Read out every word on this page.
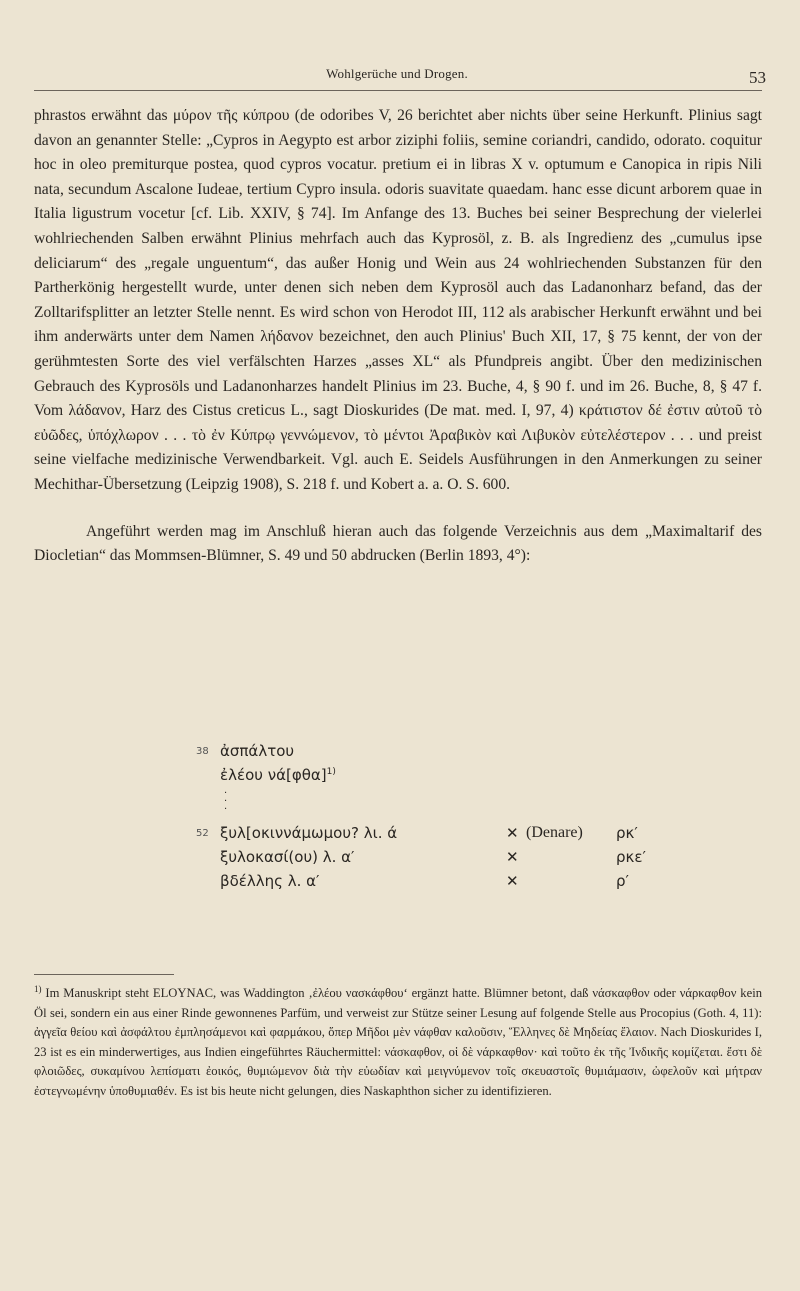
Wohlgerüche und Drogen.	53

phrastos erwähnt das μύρον τῆς κύπρου (de odoribes V, 26 berichtet aber nichts über seine Herkunft. Plinius sagt davon an genannter Stelle: „Cypros in Aegypto est arbor ziziphi foliis, semine coriandri, candido, odorato. coquitur hoc in oleo premiturque postea, quod cypros vocatur. pretium ei in libras X v. optumum e Canopica in ripis Nili nata, secundum Ascalone Iudeae, tertium Cypro insula. odoris suavitate quaedam. hanc esse dicunt arborem quae in Italia ligustrum vocetur [cf. Lib. XXIV, § 74]. Im Anfange des 13. Buches bei seiner Besprechung der vielerlei wohlriechenden Salben erwähnt Plinius mehrfach auch das Kyprosöl, z. B. als Ingredienz des „cumulus ipse deliciarum“ des „regale unguentum“, das außer Honig und Wein aus 24 wohlriechenden Substanzen für den Partherkönig hergestellt wurde, unter denen sich neben dem Kyprosöl auch das Ladanonharz befand, das der Zolltarifsplitter an letzter Stelle nennt. Es wird schon von Herodot III, 112 als arabischer Herkunft erwähnt und bei ihm anderwärts unter dem Namen λήδανον bezeichnet, den auch Plinius' Buch XII, 17, § 75 kennt, der von der gerühmtesten Sorte des viel verfälschten Harzes „asses XL“ als Pfundpreis angibt. Über den medizinischen Gebrauch des Kyprosöls und Ladanonharzes handelt Plinius im 23. Buche, 4, § 90 f. und im 26. Buche, 8, § 47 f. Vom λάδανον, Harz des Cistus creticus L., sagt Dioskurides (De mat. med. I, 97, 4) κράτιστον δέ ἐστιν αὐτοῦ τὸ εὐῶδες, ὑπόχλωρον . . . τὸ ἐν Κύπρῳ γεννώμενον, τὸ μέντοι Ἀραβικὸν καὶ Λιβυκὸν εὐτελέστερον . . . und preist seine vielfache medizinische Verwendbarkeit. Vgl. auch E. Seidels Ausführungen in den Anmerkungen zu seiner Mechithar-Übersetzung (Leipzig 1908), S. 218 f. und Kobert a. a. O. S. 600.

Angeführt werden mag im Anschluß hieran auch das folgende Verzeichnis aus dem „Maximaltarif des Diocletian“ das Mommsen-Blümner, S. 49 und 50 abdrucken (Berlin 1893, 4°):

38 ἀσπάλτου
ἐλέου $\nu ά[\varphi\theta\alpha]^{1)}$
·
·
·
52 ξυλ[οκιννάμωμου? λι. ά	✕ (Denare) ρκ′
ξυλοκασί(ου) λ. α′	✕	ρκε′
βδέλλης λ. α′	✕	ρ′
$^{1)}$ Im Manuskript steht ELOYNAC, was Waddington ‚ἐλέου νασκάφθου‘ ergänzt hatte. Blümner betont, daß νάσκαφθον oder νάρκαφθον kein Öl sei, sondern ein aus einer Rinde gewonnenes Parfüm, und verweist zur Stütze seiner Lesung auf folgende Stelle aus Procopius (Goth. 4, 11): ἀγγεῖα θείου καὶ ἀσφάλτου ἐμπλησάμενοι καὶ φαρμάκου, ὅπερ Μῆδοι μὲν νάφθαν καλοῦσιν, Ἕλληνες δὲ Μηδείας ἔλαιον. Nach Dioskurides I, 23 ist es ein minderwertiges, aus Indien eingeführtes Räuchermittel: νάσκαφθον, οἱ δὲ νάρκαφθον· καὶ τοῦτο ἐκ τῆς Ἰνδικῆς κομίζεται. ἔστι δὲ φλοιῶδες, συκαμίνου λεπίσματι ἐοικός, θυμιώμενον διὰ τὴν εὐωδίαν καὶ μειγνύμενον τοῖς σκευαστοῖς θυμιάμασιν, ὠφελοῦν καὶ μήτραν ἐστεγνωμένην ὑποθυμιαθέν. Es ist bis heute nicht gelungen, dies Naskaphthon sicher zu identifizieren.
